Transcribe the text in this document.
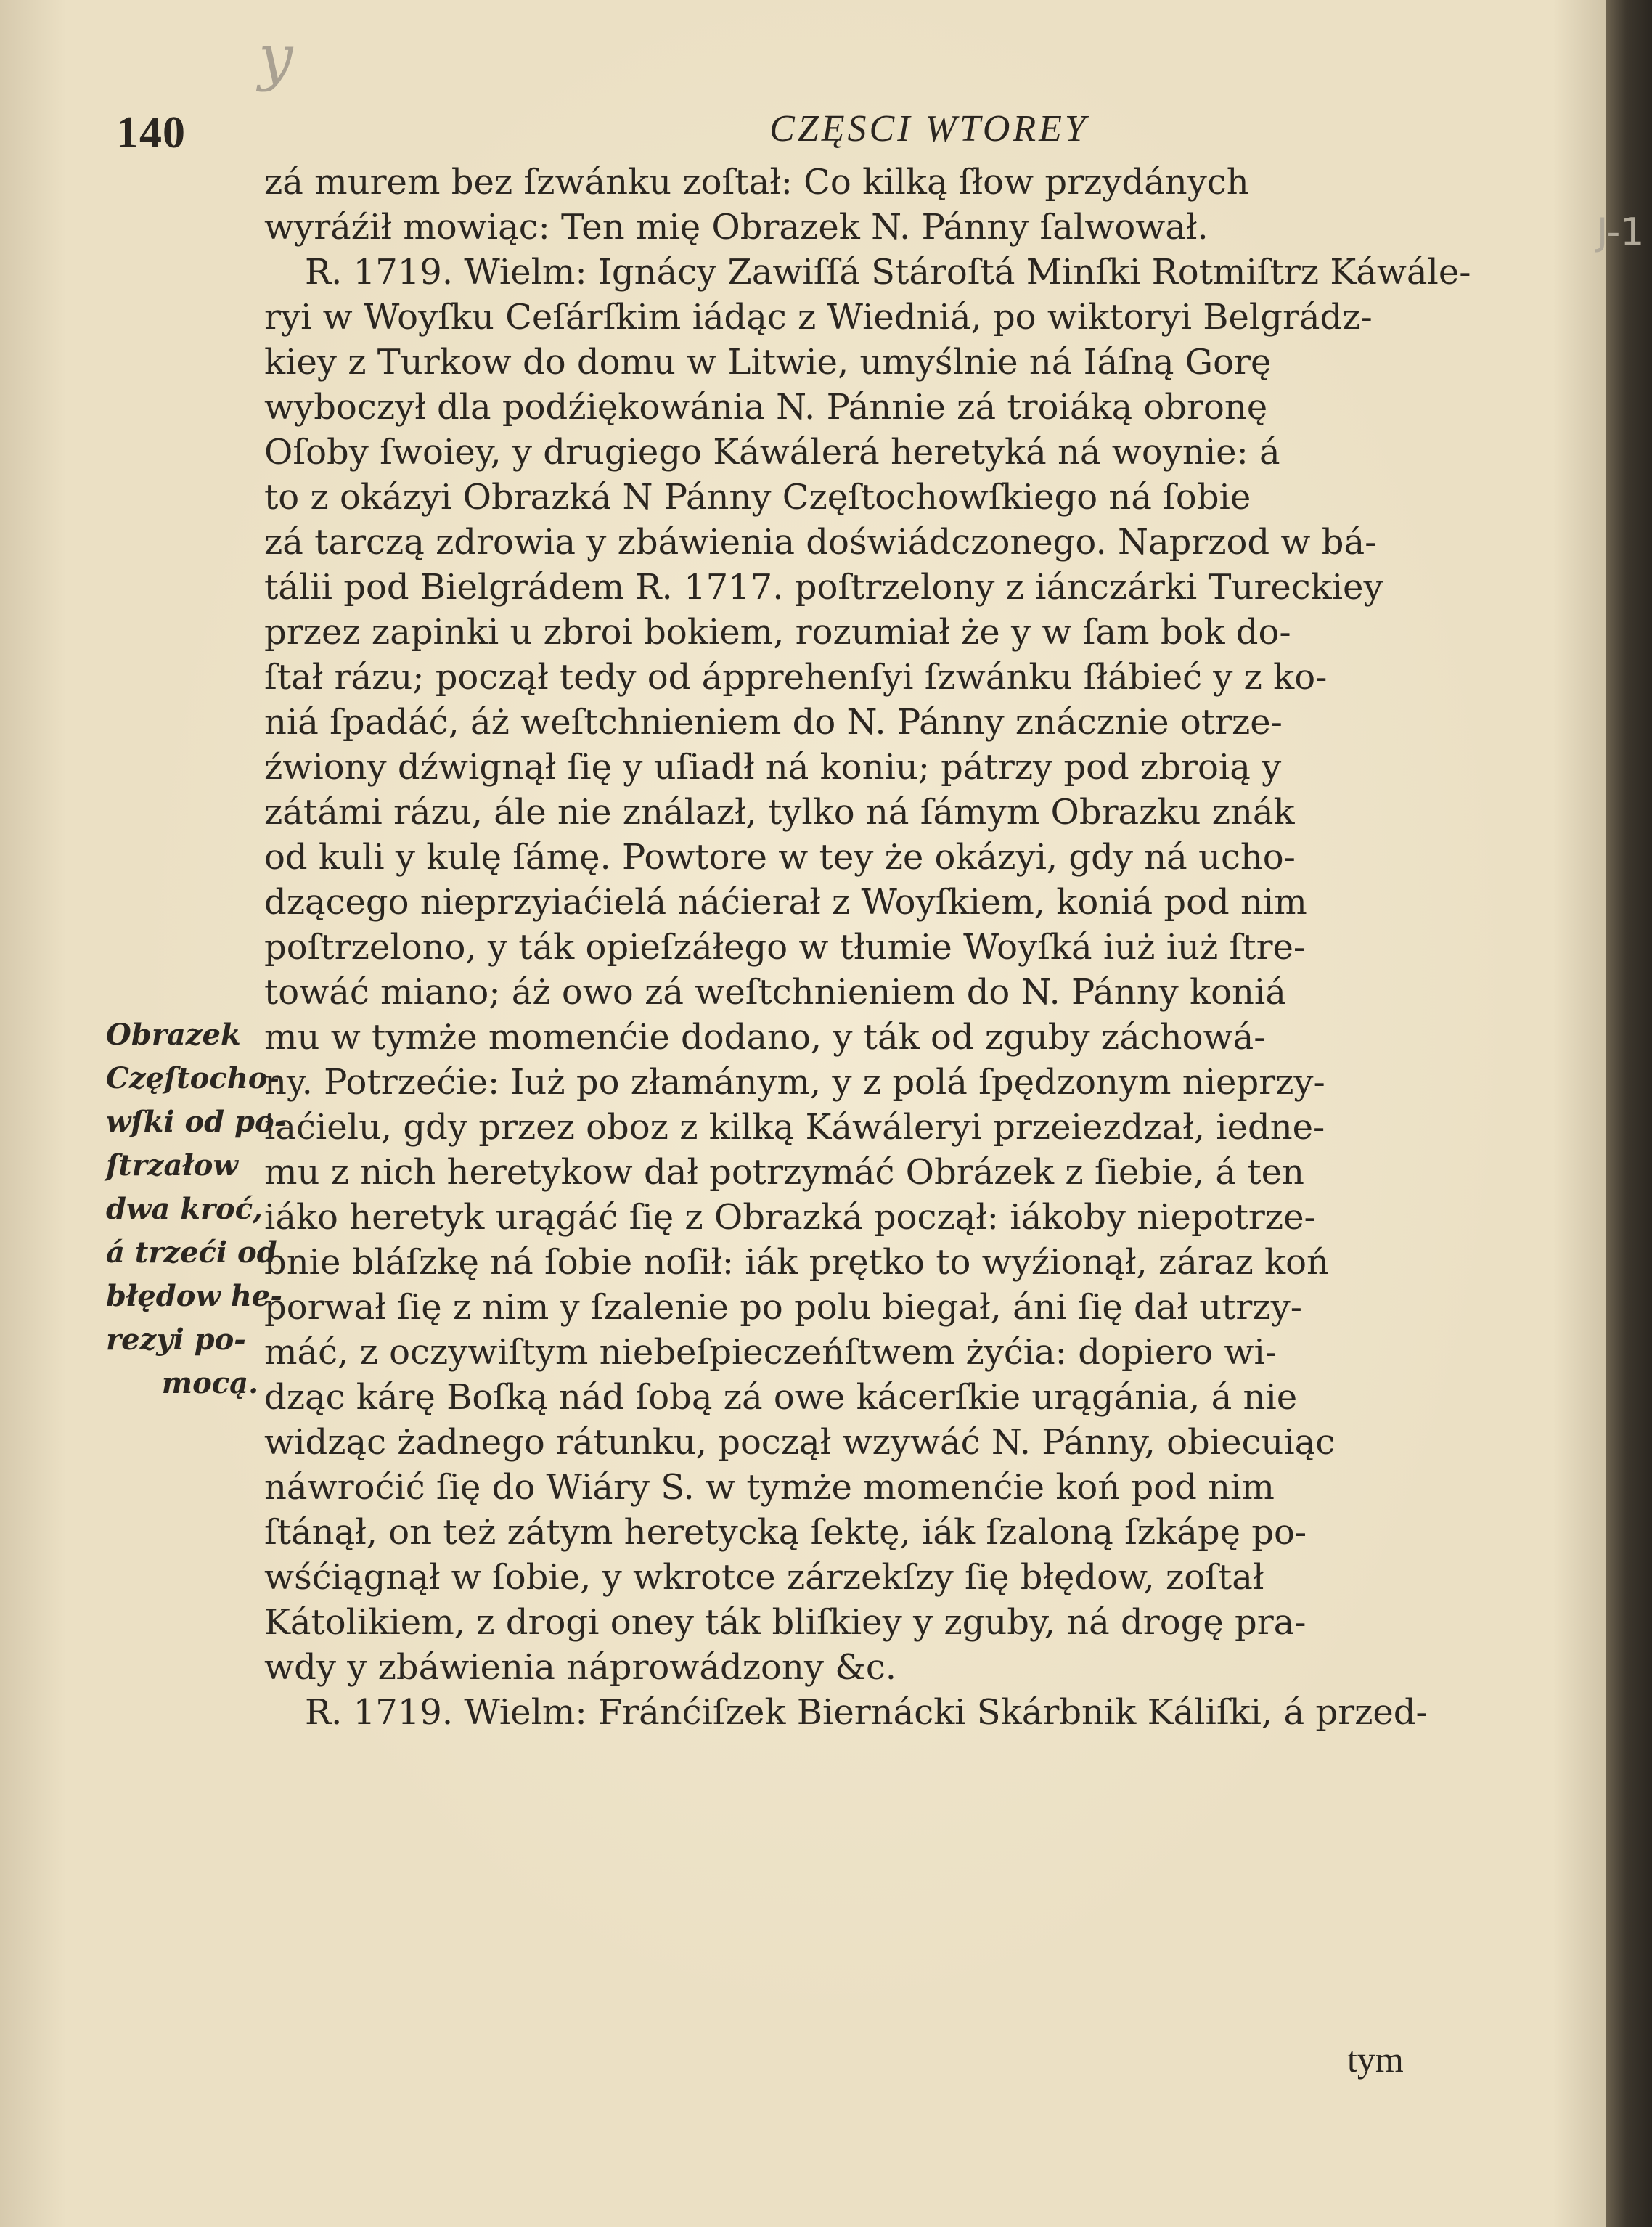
y
J-1
140	CZĘSCI WTOREY
zá murem bez ſzwánku zoſtał: Co kilką ſłow przydánych
wyráźił mowiąc: Ten mię Obrazek N. Pánny ſalwował.
R. 1719. Wielm: Ignácy Zawiſſá Stároſtá Minſki Rotmiſtrz Káwále-
ryi w Woyſku Ceſárſkim iádąc z Wiedniá, po wiktoryi Belgrádz-
kiey z Turkow do domu w Litwie, umyślnie ná Iáſną Gorę
wyboczył dla podźiękowánia N. Pánnie zá troiáką obronę
Oſoby ſwoiey, y drugiego Káwálerá heretyká ná woynie: á
to z okázyi Obrazká N Pánny Częſtochowſkiego ná ſobie
zá tarczą zdrowia y zbáwienia doświádczonego. Naprzod w bá-
tálii pod Bielgrádem R. 1717. poſtrzelony z iánczárki Tureckiey
przez zapinki u zbroi bokiem, rozumiał że y w ſam bok do-
ſtał rázu; począł tedy od ápprehenſyi ſzwánku ſłábieć y z ko-
niá ſpadáć, áż weſtchnieniem do N. Pánny znácznie otrze-
źwiony dźwignął ſię y uſiadł ná koniu; pátrzy pod zbroią y
zátámi rázu, ále nie ználazł, tylko ná ſámym Obrazku znák
od kuli y kulę ſámę. Powtore w tey że okázyi, gdy ná ucho-
dzącego nieprzyiaćielá náćierał z Woyſkiem, koniá pod nim
poſtrzelono, y ták opieſzáłego w tłumie Woyſká iuż iuż ſtre-
towáć miano; áż owo zá weſtchnieniem do N. Pánny koniá
mu w tymże momenćie dodano, y ták od zguby záchowá-
ny. Potrzećie: Iuż po złamánym, y z polá ſpędzonym nieprzy-
iaćielu, gdy przez oboz z kilką Káwáleryi przeiezdzał, iedne-
mu z nich heretykow dał potrzymáć Obrázek z ſiebie, á ten
iáko heretyk urągáć ſię z Obrazká począł: iákoby niepotrze-
bnie bláſzkę ná ſobie noſił: iák prętko to wyźionął, záraz koń
porwał ſię z nim y ſzalenie po polu biegał, áni ſię dał utrzy-
máć, z oczywiſtym niebeſpieczeńſtwem żyćia: dopiero wi-
dząc kárę Boſką nád ſobą zá owe kácerſkie urągánia, á nie
widząc żadnego rátunku, począł wzywáć N. Pánny, obiecuiąc
náwroćić ſię do Wiáry S. w tymże momenćie koń pod nim
ſtánął, on też zátym heretycką ſektę, iák ſzaloną ſzkápę po-
wśćiągnął w ſobie, y wkrotce zárzekſzy ſię błędow, zoſtał
Kátolikiem, z drogi oney ták bliſkiey y zguby, ná drogę pra-
wdy y zbáwienia náprowádzony &c.
R. 1719. Wielm: Fránćiſzek Biernácki Skárbnik Káliſki, á przed-
Obrazek
Częſtocho-
wſki od po-
ſtrzałow
dwa kroć,
á trzeći od
błędow he-
rezyi po-
mocą.
tym
